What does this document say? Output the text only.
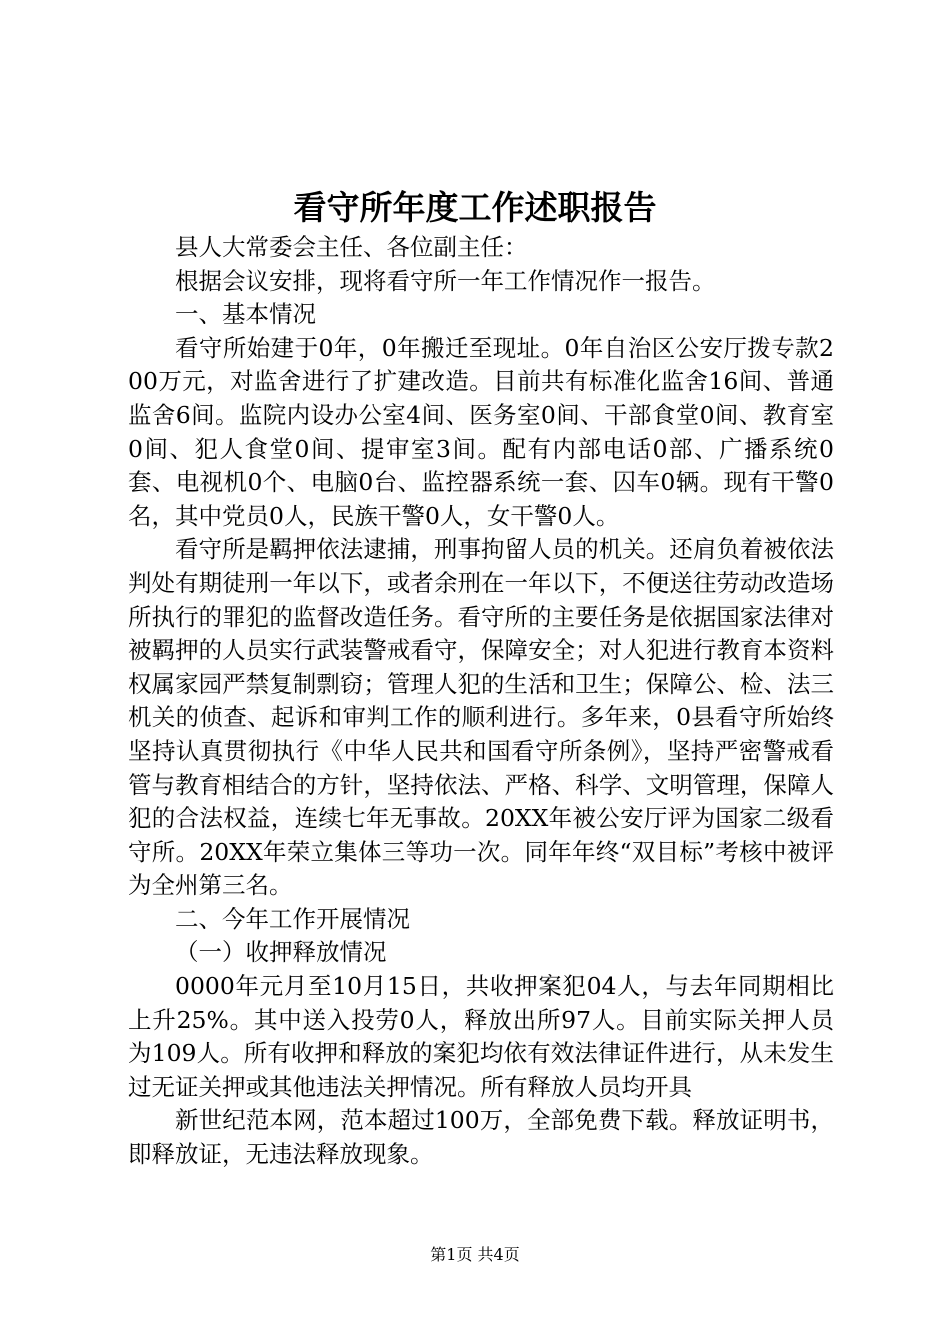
看守所年度工作述职报告

县人大常委会主任、各位副主任：

根据会议安排，现将看守所一年工作情况作一报告。

一、基本情况

看守所始建于0年，0年搬迁至现址。0年自治区公安厅拨专款200万元，对监舍进行了扩建改造。目前共有标准化监舍16间、普通监舍6间。监院内设办公室4间、医务室0间、干部食堂0间、教育室0间、犯人食堂0间、提审室3间。配有内部电话0部、广播系统0套、电视机0个、电脑0台、监控器系统一套、囚车0辆。现有干警0名，其中党员0人，民族干警0人，女干警0人。

看守所是羁押依法逮捕，刑事拘留人员的机关。还肩负着被依法判处有期徒刑一年以下，或者余刑在一年以下，不便送往劳动改造场所执行的罪犯的监督改造任务。看守所的主要任务是依据国家法律对被羁押的人员实行武装警戒看守，保障安全；对人犯进行教育本资料权属家园严禁复制剽窃；管理人犯的生活和卫生；保障公、检、法三机关的侦查、起诉和审判工作的顺利进行。多年来，0县看守所始终坚持认真贯彻执行《中华人民共和国看守所条例》，坚持严密警戒看管与教育相结合的方针，坚持依法、严格、科学、文明管理，保障人犯的合法权益，连续七年无事故。20XX年被公安厅评为国家二级看守所。20XX年荣立集体三等功一次。同年年终“双目标”考核中被评为全州第三名。

二、今年工作开展情况

（一）收押释放情况

0000年元月至10月15日，共收押案犯04人，与去年同期相比上升25%。其中送入投劳0人，释放出所97人。目前实际关押人员为109人。所有收押和释放的案犯均依有效法律证件进行，从未发生过无证关押或其他违法关押情况。所有释放人员均开具

新世纪范本网，范本超过100万，全部免费下载。释放证明书，即释放证，无违法释放现象。

第1页 共4页
